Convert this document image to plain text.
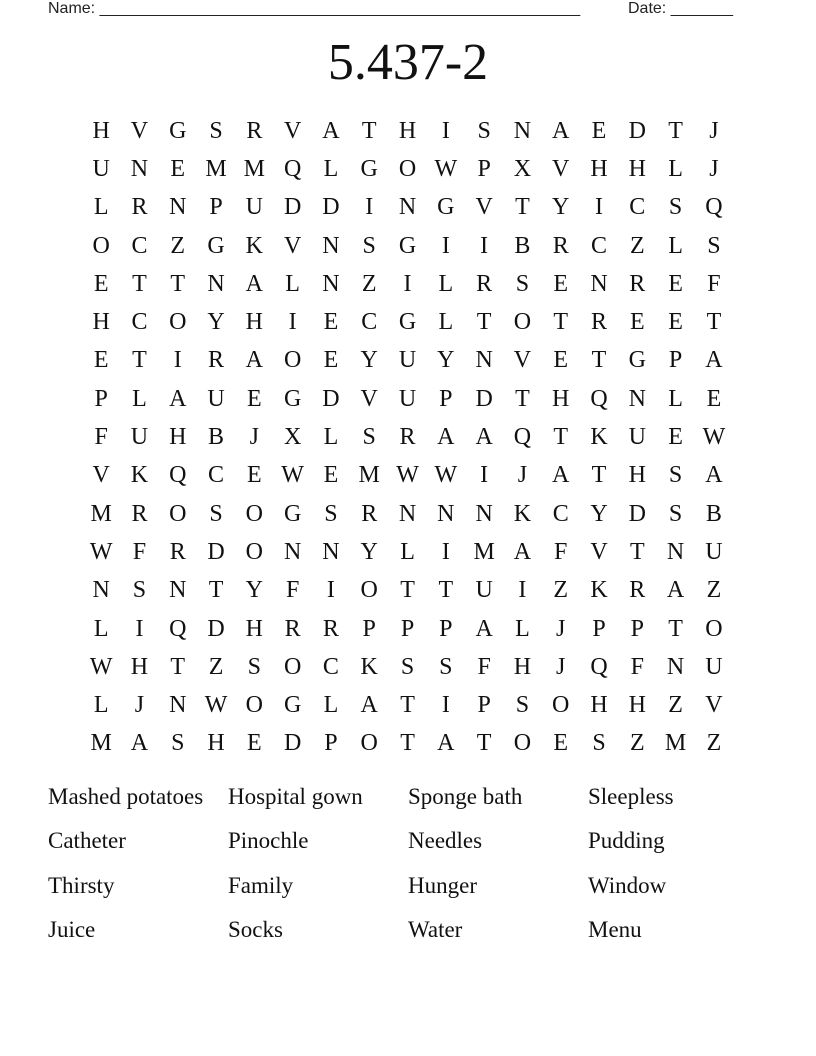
Name: ______________________________________________________	Date: _______
5.437-2
H V G S R V A T H	I	S N A E D T	J
U N E M M Q L G O W P X V H H L	J
L R N P U D D	I	N G V T Y	I	C S Q
O C Z G K V N S G	I	I	B R C Z L	S
E T T N A L N Z	I	L R S	E N R E	F
H C O Y H	I	E C G L T O T R E E T
E T	I	R A O E Y U Y N V E T G P A
P	L A U E G D V U P D T H Q N L E
F U H B	J	X L	S R A A Q T K U E W
V K Q C E W E M W W I	J	A T H S A
M R O S O G S R N N N K C Y D S B
W F R D O N N Y L	I M A F V T N U
N S N T Y F	I	O T T U	I	Z K R A Z
L	I	Q D H R R P	P	P A L	J	P	P	T O
W H T Z	S O C K S	S	F H	J	Q F N U
L	J	N W O G L A T	I	P	S O H H Z V
M A S H E D P O T A T O E	S	Z M Z
Mashed potatoes	Hospital gown	Sponge bath	Sleepless
Catheter	Pinochle	Needles	Pudding
Thirsty	Family	Hunger	Window
Juice	Socks	Water	Menu
